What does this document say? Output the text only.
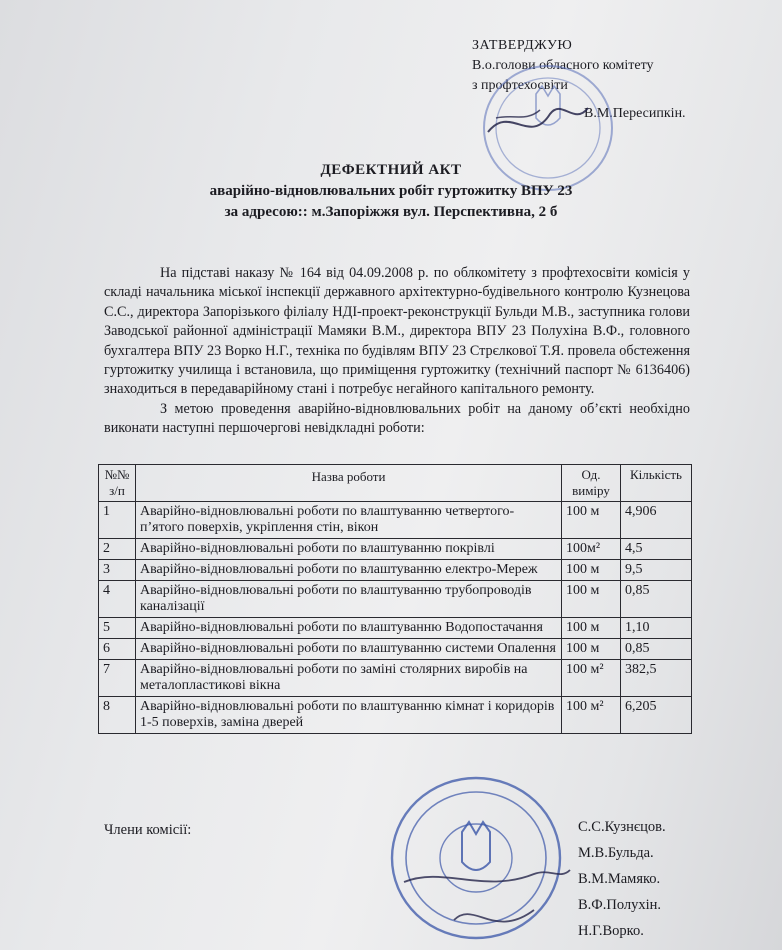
ЗАТВЕРДЖУЮ
В.о.голови обласного комітету
з профтехосвіти
В.М.Пересипкін.
ДЕФЕКТНИЙ АКТ
аварійно-відновлювальних робіт гуртожитку ВПУ 23
за адресою:: м.Запоріжжя вул. Перспективна, 2 б

На підставі наказу № 164 від 04.09.2008 р. по облкомітету з профтехосвіти комісія у складі начальника міської інспекції державного архітектурно-будівельного контролю Кузнецова С.С., директора Запорізького філіалу НДІ-проект-реконструкції Бульди М.В., заступника голови Заводської районної адміністрації Мамяки В.М., директора ВПУ 23 Полухіна В.Ф., головного бухгалтера ВПУ 23 Ворко Н.Г., техніка по будівлям ВПУ 23 Стрєлкової Т.Я. провела обстеження гуртожитку училища і встановила, що приміщення гуртожитку (технічний паспорт № 6136406) знаходиться в передаварійному стані і потребує негайного капітального ремонту.

З метою проведення аварійно-відновлювальних робіт на даному об’єкті необхідно виконати наступні першочергові невідкладні роботи:

№№ з/п	Назва роботи	Од. виміру	Кількість
1	Аварійно-відновлювальні роботи по влаштуванню четвертого-п’ятого поверхів, укріплення стін, вікон	100 м	4,906
2	Аварійно-відновлювальні роботи по влаштуванню покрівлі	100м²	4,5
3	Аварійно-відновлювальні роботи по влаштуванню електро-Мереж	100 м	9,5
4	Аварійно-відновлювальні роботи по влаштуванню трубопроводів каналізації	100 м	0,85
5	Аварійно-відновлювальні роботи по влаштуванню Водопостачання	100 м	1,10
6	Аварійно-відновлювальні роботи по влаштуванню системи Опалення	100 м	0,85
7	Аварійно-відновлювальні роботи по заміні столярних виробів на металопластикові вікна	100 м²	382,5
8	Аварійно-відновлювальні роботи по влаштуванню кімнат і коридорів 1-5 поверхів, заміна дверей	100 м²	6,205
Члени комісії:	С.С.Кузнєцов.
М.В.Бульда.
В.М.Мамяко.
В.Ф.Полухін.
Н.Г.Ворко.
